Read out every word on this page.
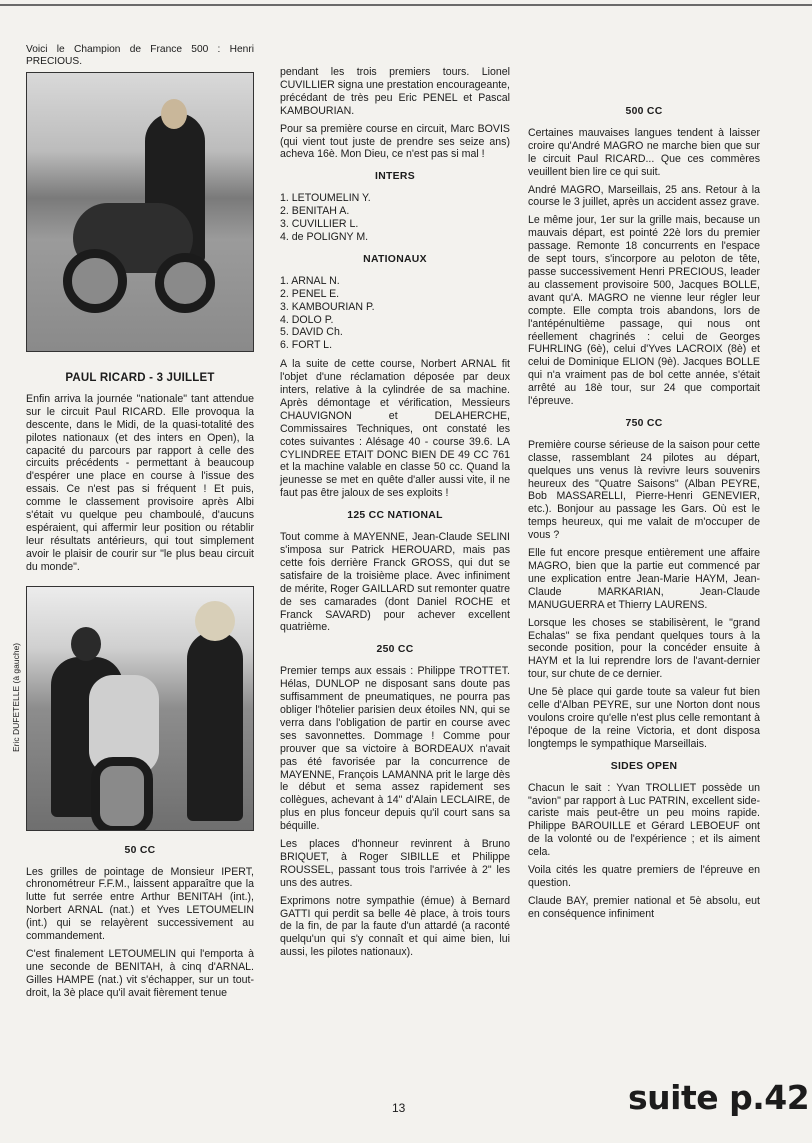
Voici le Champion de France 500 : Henri PRECIOUS.

PAUL RICARD - 3 JUILLET

Enfin arriva la journée "nationale" tant attendue sur le circuit Paul RICARD. Elle provoqua la descente, dans le Midi, de la quasi-totalité des pilotes nationaux (et des inters en Open), la capacité du parcours par rapport à celle des circuits précédents - permettant à beaucoup d'espérer une place en course à l'issue des essais. Ce n'est pas si fréquent ! Et puis, comme le classement provisoire après Albi s'était vu quelque peu chamboulé, d'aucuns espéraient, qui affermir leur position ou rétablir leur résultats antérieurs, qui tout simplement avoir le plaisir de courir sur "le plus beau circuit du monde".

50 CC

Les grilles de pointage de Monsieur IPERT, chronométreur F.F.M., laissent apparaître que la lutte fut serrée entre Arthur BENITAH (int.), Norbert ARNAL (nat.) et Yves LETOUMELIN (int.) qui se relayèrent successivement au commandement.

C'est finalement LETOUMELIN qui l'emporta à une seconde de BENITAH, à cinq d'ARNAL. Gilles HAMPE (nat.) vit s'échapper, sur un tout-droit, la 3è place qu'il avait fièrement tenue

Eric DUFETELLE (à gauche)

pendant les trois premiers tours. Lionel CUVILLIER signa une prestation encourageante, précédant de très peu Eric PENEL et Pascal KAMBOURIAN.

Pour sa première course en circuit, Marc BOVIS (qui vient tout juste de prendre ses seize ans) acheva 16è. Mon Dieu, ce n'est pas si mal !

INTERS
1. LETOUMELIN Y.
2. BENITAH A.
3. CUVILLIER L.
4. de POLIGNY M.
NATIONAUX
1. ARNAL N.
2. PENEL E.
3. KAMBOURIAN P.
4. DOLO P.
5. DAVID Ch.
6. FORT L.

A la suite de cette course, Norbert ARNAL fit l'objet d'une réclamation déposée par deux inters, relative à la cylindrée de sa machine. Après démontage et vérification, Messieurs CHAUVIGNON et DELAHERCHE, Commissaires Techniques, ont constaté les cotes suivantes : Alésage 40 - course 39.6. LA CYLINDREE ETAIT DONC BIEN DE 49 CC 761 et la machine valable en classe 50 cc. Quand la jeunesse se met en quête d'aller aussi vite, il ne faut pas être jaloux de ses exploits !

125 CC NATIONAL

Tout comme à MAYENNE, Jean-Claude SELINI s'imposa sur Patrick HEROUARD, mais pas cette fois derrière Franck GROSS, qui dut se satisfaire de la troisième place. Avec infiniment de mérite, Roger GAILLARD sut remonter quatre de ses camarades (dont Daniel ROCHE et Franck SAVARD) pour achever excellent quatrième.

250 CC

Premier temps aux essais : Philippe TROTTET. Hélas, DUNLOP ne disposant sans doute pas suffisamment de pneumatiques, ne pourra pas obliger l'hôtelier parisien deux étoiles NN, qui se verra dans l'obligation de partir en course avec ses savonnettes. Dommage ! Comme pour prouver que sa victoire à BORDEAUX n'avait pas été favorisée par la concurrence de MAYENNE, François LAMANNA prit le large dès le début et sema assez rapidement ses collègues, achevant à 14" d'Alain LECLAIRE, de plus en plus fonceur depuis qu'il court sans sa béquille.

Les places d'honneur revinrent à Bruno BRIQUET, à Roger SIBILLE et Philippe ROUSSEL, passant tous trois l'arrivée à 2" les uns des autres.

Exprimons notre sympathie (émue) à Bernard GATTI qui perdit sa belle 4è place, à trois tours de la fin, de par la faute d'un attardé (a raconté quelqu'un qui s'y connaît et qui aime bien, lui aussi, les pilotes nationaux).

500 CC

Certaines mauvaises langues tendent à laisser croire qu'André MAGRO ne marche bien que sur le circuit Paul RICARD... Que ces commères veuillent bien lire ce qui suit.

André MAGRO, Marseillais, 25 ans. Retour à la course le 3 juillet, après un accident assez grave.

Le même jour, 1er sur la grille mais, because un mauvais départ, est pointé 22è lors du premier passage. Remonte 18 concurrents en l'espace de sept tours, s'incorpore au peloton de tête, passe successivement Henri PRECIOUS, leader au classement provisoire 500, Jacques BOLLE, avant qu'A. MAGRO ne vienne leur régler leur compte. Elle compta trois abandons, lors de l'antépénultième passage, qui nous ont réellement chagrinés : celui de Georges FUHRLING (6è), celui d'Yves LACROIX (8è) et celui de Dominique ELION (9è). Jacques BOLLE qui n'a vraiment pas de bol cette année, s'était arrêté au 18è tour, sur 24 que comportait l'épreuve.

750 CC

Première course sérieuse de la saison pour cette classe, rassemblant 24 pilotes au départ, quelques uns venus là revivre leurs souvenirs heureux des "Quatre Saisons" (Alban PEYRE, Bob MASSARELLI, Pierre-Henri GENEVIER, etc.). Bonjour au passage les Gars. Où est le temps heureux, qui me valait de m'occuper de vous ?

Elle fut encore presque entièrement une affaire MAGRO, bien que la partie eut commencé par une explication entre Jean-Marie HAYM, Jean-Claude MARKARIAN, Jean-Claude MANUGUERRA et Thierry LAURENS.

Lorsque les choses se stabilisèrent, le "grand Echalas" se fixa pendant quelques tours à la seconde position, pour la concéder ensuite à HAYM et la lui reprendre lors de l'avant-dernier tour, sur chute de ce dernier.

Une 5è place qui garde toute sa valeur fut bien celle d'Alban PEYRE, sur une Norton dont nous voulons croire qu'elle n'est plus celle remontant à l'époque de la reine Victoria, et dont disposa longtemps le sympathique Marseillais.

SIDES OPEN

Chacun le sait : Yvan TROLLIET possède un "avion" par rapport à Luc PATRIN, excellent side-cariste mais peut-être un peu moins rapide. Philippe BAROUILLE et Gérard LEBOEUF ont de la volonté ou de l'expérience ; et ils aiment cela.

Voila cités les quatre premiers de l'épreuve en question.

Claude BAY, premier national et 5è absolu, eut en conséquence infiniment

13	suite p.42
